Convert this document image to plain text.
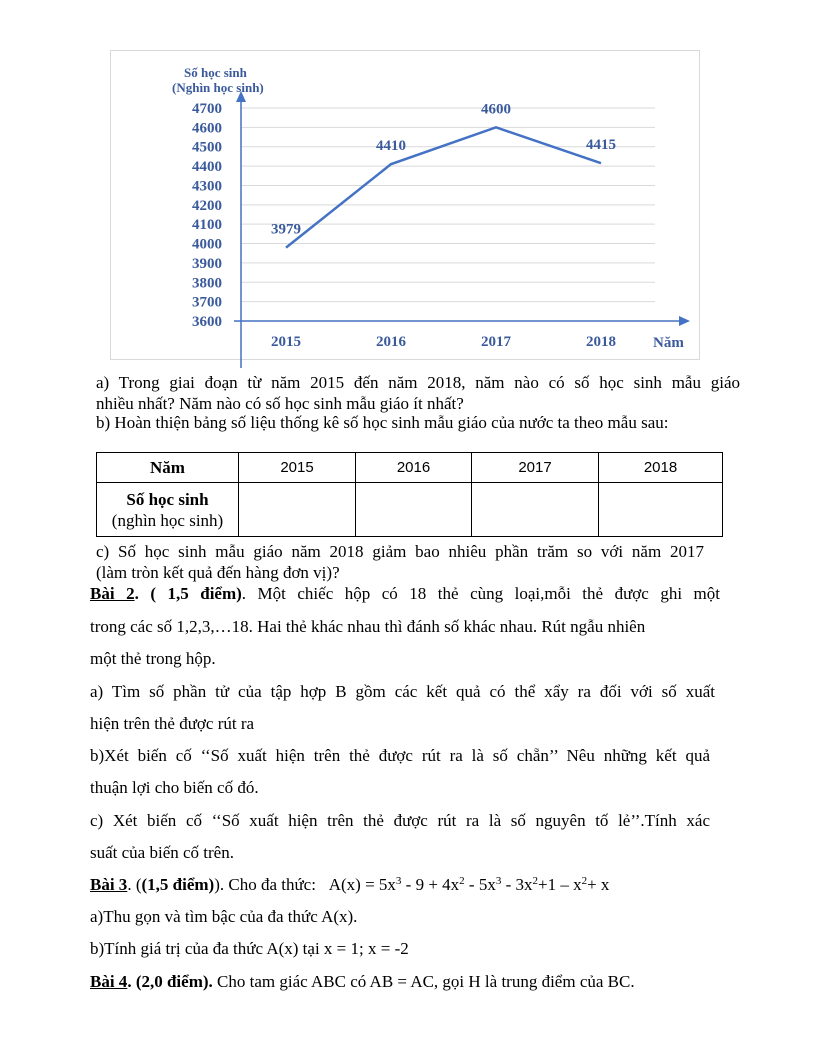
3600
3700
3800
3900
4000
4100
4200
4300
4400
4500
4600
4700
2015	2016	2017	2018
Số học sinh
(Nghìn học sinh)
Năm
3979
4410
4600
4415
a) Trong giai đoạn từ năm 2015 đến năm 2018, năm nào có số học sinh mẫu giáo
nhiều nhất? Năm nào có số học sinh mẫu giáo ít nhất?
b) Hoàn thiện bảng số liệu thống kê số học sinh mẫu giáo của nước ta theo mẫu sau:
Năm	2015	2016	2017	2018
Số học sinh
(nghìn học sinh)				
c) Số học sinh mẫu giáo năm 2018 giảm bao nhiêu phần trăm so với năm 2017
(làm tròn kết quả đến hàng đơn vị)?
Bài 2. ( 1,5 điểm). Một chiếc hộp có 18 thẻ cùng loại,mỗi thẻ được ghi một
trong các số 1,2,3,…18. Hai thẻ khác nhau thì đánh số khác nhau. Rút ngẫu nhiên
một thẻ trong hộp.
a) Tìm số phần tử của tập hợp B gồm các kết quả có thể xẩy ra đối với số xuất
hiện trên thẻ được rút ra
b)Xét biến cố ‘‘Số xuất hiện trên thẻ được rút ra là số chẵn’’ Nêu những kết quả
thuận lợi cho biến cố đó.
c) Xét biến cố ‘‘Số xuất hiện trên thẻ được rút ra là số nguyên tố lẻ’’.Tính xác
suất của biến cố trên.
Bài 3. ((1,5 điểm)). Cho đa thức: $A(x) = 5x^3 - 9 + 4x^2 - 5x^3 - 3x^2+1 - x^2+ x$
a)Thu gọn và tìm bậc của đa thức A(x).
b)Tính giá trị của đa thức A(x) tại x = 1; x = -2
Bài 4. (2,0 điểm). Cho tam giác ABC có AB = AC, gọi H là trung điểm của BC.
